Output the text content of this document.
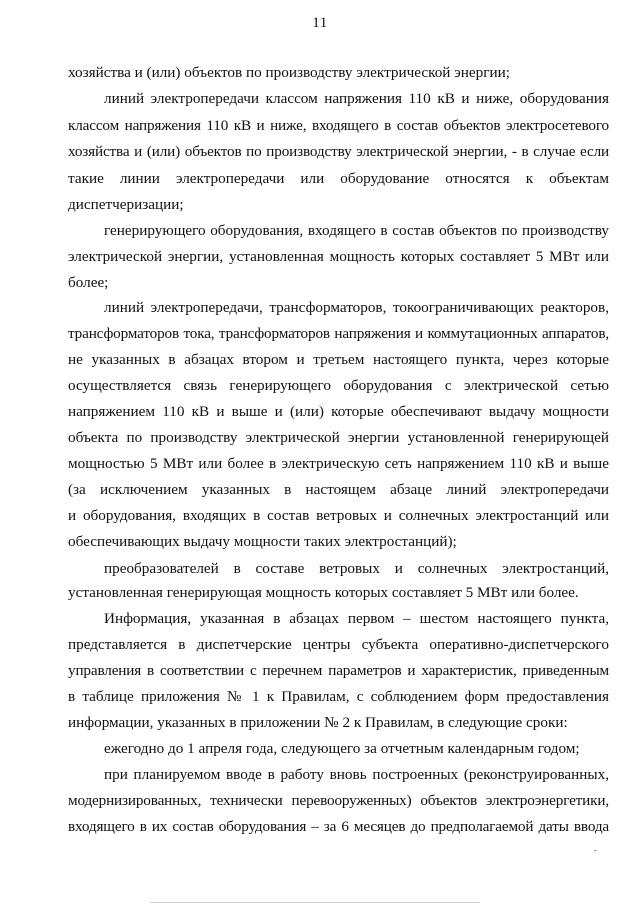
11
хозяйства и (или) объектов по производству электрической энергии;
линий электропередачи классом напряжения 110 кВ и ниже, оборудования
классом напряжения 110 кВ и ниже, входящего в состав объектов электросетевого
хозяйства и (или) объектов по производству электрической энергии, - в случае если
такие линии электропередачи или оборудование относятся к объектам
диспетчеризации;
генерирующего оборудования, входящего в состав объектов по производству
электрической энергии, установленная мощность которых составляет 5 МВт или
более;
линий электропередачи, трансформаторов, токоограничивающих реакторов,
трансформаторов тока, трансформаторов напряжения и коммутационных аппаратов,
не указанных в абзацах втором и третьем настоящего пункта, через которые
осуществляется связь генерирующего оборудования с электрической сетью
напряжением 110 кВ и выше и (или) которые обеспечивают выдачу мощности
объекта по производству электрической энергии установленной генерирующей
мощностью 5 МВт или более в электрическую сеть напряжением 110 кВ и выше
(за исключением указанных в настоящем абзаце линий электропередачи
и оборудования, входящих в состав ветровых и солнечных электростанций или
обеспечивающих выдачу мощности таких электростанций);
преобразователей в составе ветровых и солнечных электростанций,
установленная генерирующая мощность которых составляет 5 МВт или более.
Информация, указанная в абзацах первом – шестом настоящего пункта,
представляется в диспетчерские центры субъекта оперативно-диспетчерского
управления в соответствии с перечнем параметров и характеристик, приведенным
в таблице приложения № 1 к Правилам, с соблюдением форм предоставления
информации, указанных в приложении № 2 к Правилам, в следующие сроки:
ежегодно до 1 апреля года, следующего за отчетным календарным годом;
при планируемом вводе в работу вновь построенных (реконструированных,
модернизированных, технически перевооруженных) объектов электроэнергетики,
входящего в их состав оборудования – за 6 месяцев до предполагаемой даты ввода
